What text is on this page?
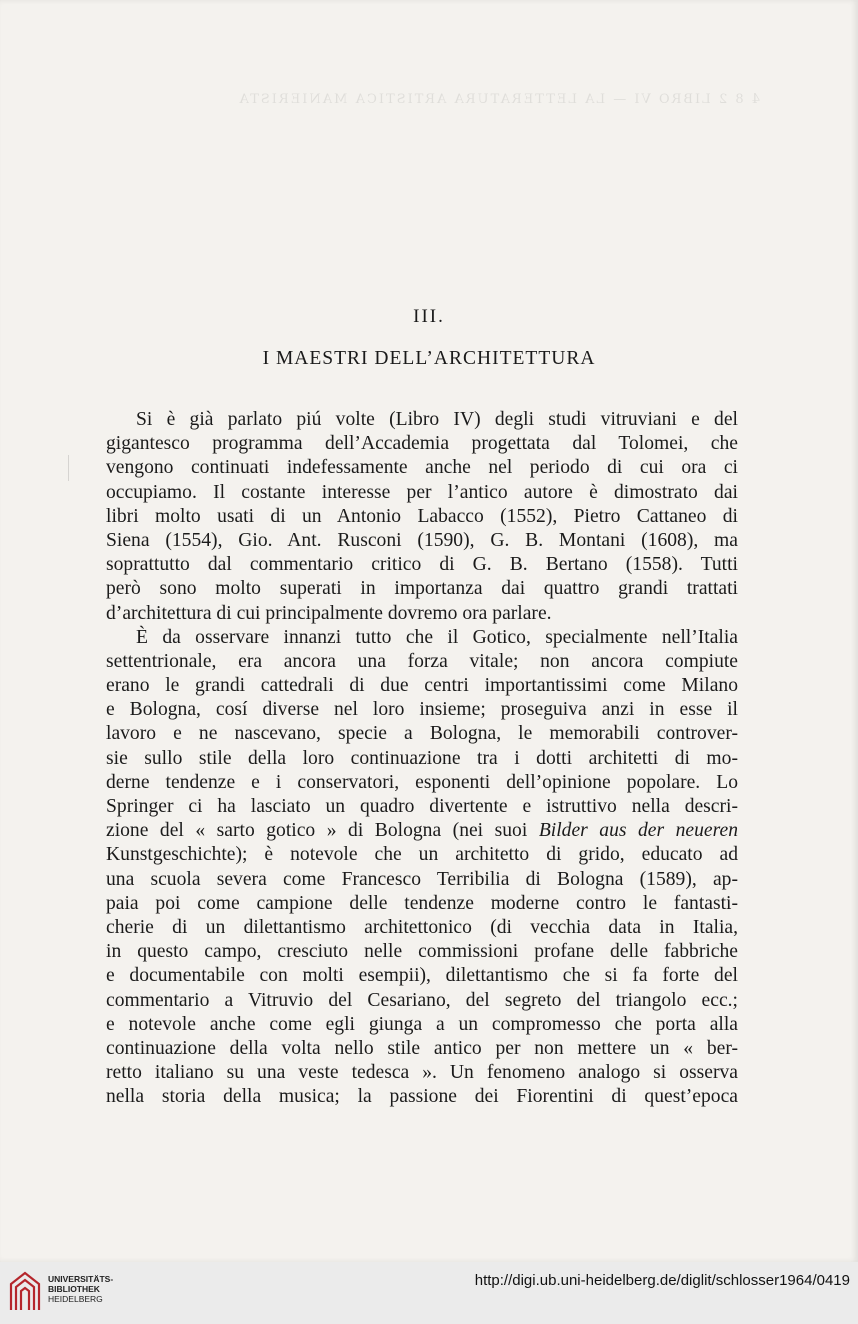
4 8 2 LIBRO VI — LA LETTERATURA ARTISTICA MANIERISTA
III.
I MAESTRI DELL’ARCHITETTURA
Si è già parlato piú volte (Libro IV) degli studi vitruviani e del
gigantesco programma dell’Accademia progettata dal Tolomei, che
vengono continuati indefessamente anche nel periodo di cui ora ci
occupiamo. Il costante interesse per l’antico autore è dimostrato dai
libri molto usati di un Antonio Labacco (1552), Pietro Cattaneo di
Siena (1554), Gio. Ant. Rusconi (1590), G. B. Montani (1608), ma
soprattutto dal commentario critico di G. B. Bertano (1558). Tutti
però sono molto superati in importanza dai quattro grandi trattati
d’architettura di cui principalmente dovremo ora parlare.
È da osservare innanzi tutto che il Gotico, specialmente nell’Italia
settentrionale, era ancora una forza vitale; non ancora compiute
erano le grandi cattedrali di due centri importantissimi come Milano
e Bologna, cosí diverse nel loro insieme; proseguiva anzi in esse il
lavoro e ne nascevano, specie a Bologna, le memorabili controver-
sie sullo stile della loro continuazione tra i dotti architetti di mo-
derne tendenze e i conservatori, esponenti dell’opinione popolare. Lo
Springer ci ha lasciato un quadro divertente e istruttivo nella descri-
zione del « sarto gotico » di Bologna (nei suoi Bilder aus der neueren
Kunstgeschichte); è notevole che un architetto di grido, educato ad
una scuola severa come Francesco Terribilia di Bologna (1589), ap-
paia poi come campione delle tendenze moderne contro le fantasti-
cherie di un dilettantismo architettonico (di vecchia data in Italia,
in questo campo, cresciuto nelle commissioni profane delle fabbriche
e documentabile con molti esempii), dilettantismo che si fa forte del
commentario a Vitruvio del Cesariano, del segreto del triangolo ecc.;
e notevole anche come egli giunga a un compromesso che porta alla
continuazione della volta nello stile antico per non mettere un « ber-
retto italiano su una veste tedesca ». Un fenomeno analogo si osserva
nella storia della musica; la passione dei Fiorentini di quest’epoca
UNIVERSITÄTS-
BIBLIOTHEK
HEIDELBERG
http://digi.ub.uni-heidelberg.de/diglit/schlosser1964/0419
